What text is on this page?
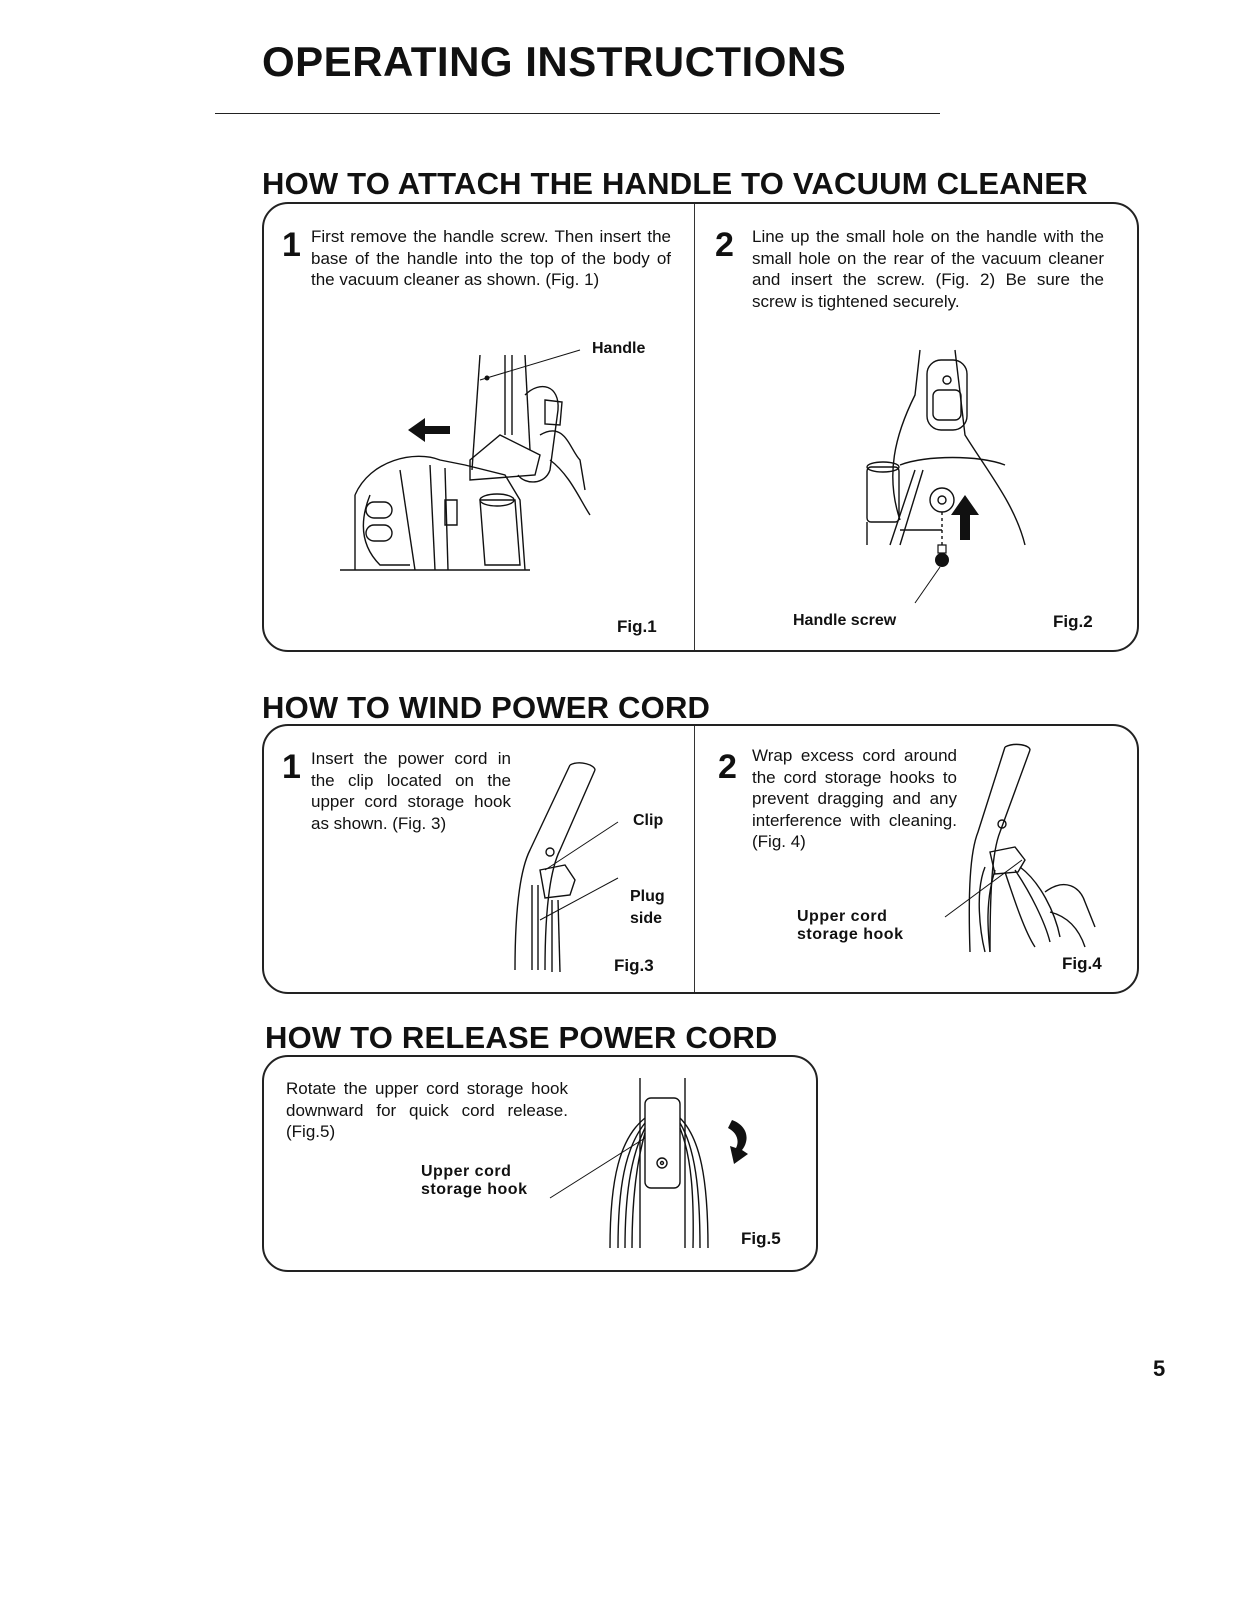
OPERATING INSTRUCTIONS
HOW TO ATTACH THE HANDLE TO VACUUM CLEANER
1 First remove the handle screw. Then insert the base of the handle into the top of the body of the vacuum cleaner as shown. (Fig. 1)
Handle
Fig.1
2 Line up the small hole on the handle with the small hole on the rear of the vacuum cleaner and insert the screw. (Fig. 2) Be sure the screw is tightened securely.
Handle screw	Fig.2
HOW TO WIND POWER CORD
1 Insert the power cord in the clip located on the upper cord storage hook as shown. (Fig. 3)	Clip
Plug side
Fig.3
2 Wrap excess cord around the cord storage hooks to prevent dragging and any interference with cleaning. (Fig. 4)
Upper cord storage hook
Fig.4
HOW TO RELEASE POWER CORD
Rotate the upper cord storage hook downward for quick cord release.(Fig.5)
Upper cord storage hook
Fig.5
5
